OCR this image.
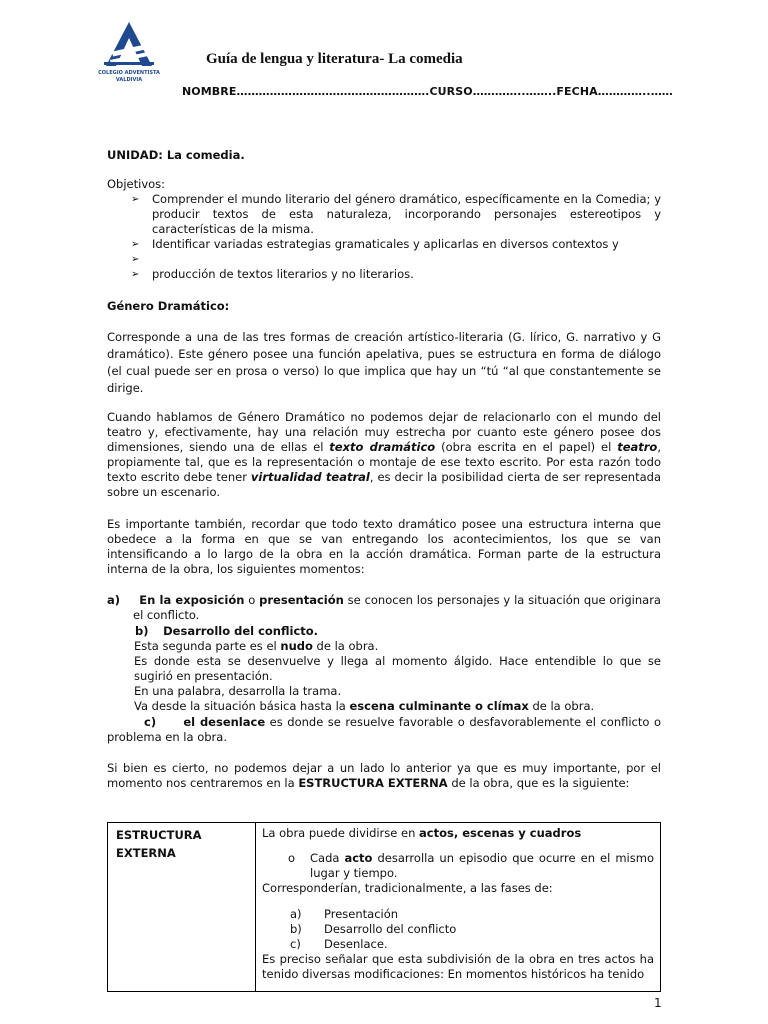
COLEGIO ADVENTISTA
VALDIVIA
Guía de lengua y literatura- La comedia
NOMBRE…………………………………………….CURSO…………..……..FECHA…………..……
UNIDAD: La comedia.
Objetivos:
➢ Comprender el mundo literario del género dramático, específicamente en la Comedia; y producir textos de esta naturaleza, incorporando personajes estereotipos y características de la misma.
➢ Identificar variadas estrategias gramaticales y aplicarlas en diversos contextos y
➢
➢ producción de textos literarios y no literarios.
Género Dramático:

Corresponde a una de las tres formas de creación artístico-literaria (G. lírico, G. narrativo y G dramático). Este género posee una función apelativa, pues se estructura en forma de diálogo (el cual puede ser en prosa o verso) lo que implica que hay un “tú “al que constantemente se dirige.

Cuando hablamos de Género Dramático no podemos dejar de relacionarlo con el mundo del teatro y, efectivamente, hay una relación muy estrecha por cuanto este género posee dos dimensiones, siendo una de ellas el texto dramático (obra escrita en el papel) el teatro, propiamente tal, que es la representación o montaje de ese texto escrito. Por esta razón todo texto escrito debe tener virtualidad teatral, es decir la posibilidad cierta de ser representada sobre un escenario.

Es importante también, recordar que todo texto dramático posee una estructura interna que obedece a la forma en que se van entregando los acontecimientos, los que se van intensificando a lo largo de la obra en la acción dramática. Forman parte de la estructura interna de la obra, los siguientes momentos:

a) En la exposición o presentación se conocen los personajes y la situación que originara el conflicto.
b) Desarrollo del conflicto.
Esta segunda parte es el nudo de la obra.
Es donde esta se desenvuelve y llega al momento álgido. Hace entendible lo que se sugirió en presentación.
En una palabra, desarrolla la trama.
Va desde la situación básica hasta la escena culminante o clímax de la obra.
c) el desenlace es donde se resuelve favorable o desfavorablemente el conflicto o problema en la obra.

Si bien es cierto, no podemos dejar a un lado lo anterior ya que es muy importante, por el momento nos centraremos en la ESTRUCTURA EXTERNA de la obra, que es la siguiente:

ESTRUCTURA
EXTERNA
La obra puede dividirse en actos, escenas y cuadros
o Cada acto desarrolla un episodio que ocurre en el mismo lugar y tiempo.
Corresponderían, tradicionalmente, a las fases de:
a) Presentación
b) Desarrollo del conflicto
c) Desenlace.
Es preciso señalar que esta subdivisión de la obra en tres actos ha tenido diversas modificaciones: En momentos históricos ha tenido
1
